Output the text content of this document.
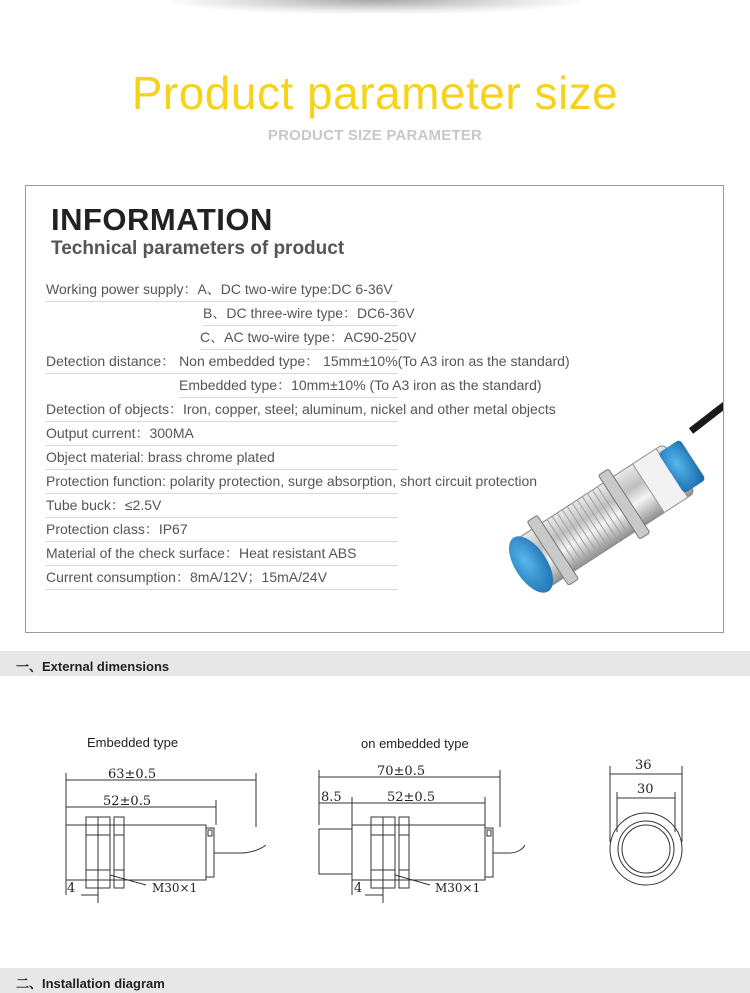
Product parameter size
PRODUCT SIZE PARAMETER

INFORMATION
Technical parameters of product
Working power supply：A、DC two-wire type:DC 6-36V
B、DC three-wire type：DC6-36V
C、AC two-wire type：AC90-250V
Detection distance： Non embedded type： 15mm±10%(To A3 iron as the standard)
Embedded type：10mm±10% (To A3 iron as the standard)
Detection of objects：Iron, copper, steel; aluminum, nickel and other metal objects
Output current：300MA
Object material: brass chrome plated
Protection function: polarity protection, surge absorption, short circuit protection
Tube buck：≤2.5V
Protection class：IP67
Material of the check surface：Heat resistant ABS
Current consumption：8mA/12V；15mA/24V
一、External dimensions
Embedded type
63±0.5
52±0.5
4	M30×1
on embedded type
70±0.5
8.5	52±0.5
4	M30×1
36
30
二、Installation diagram
